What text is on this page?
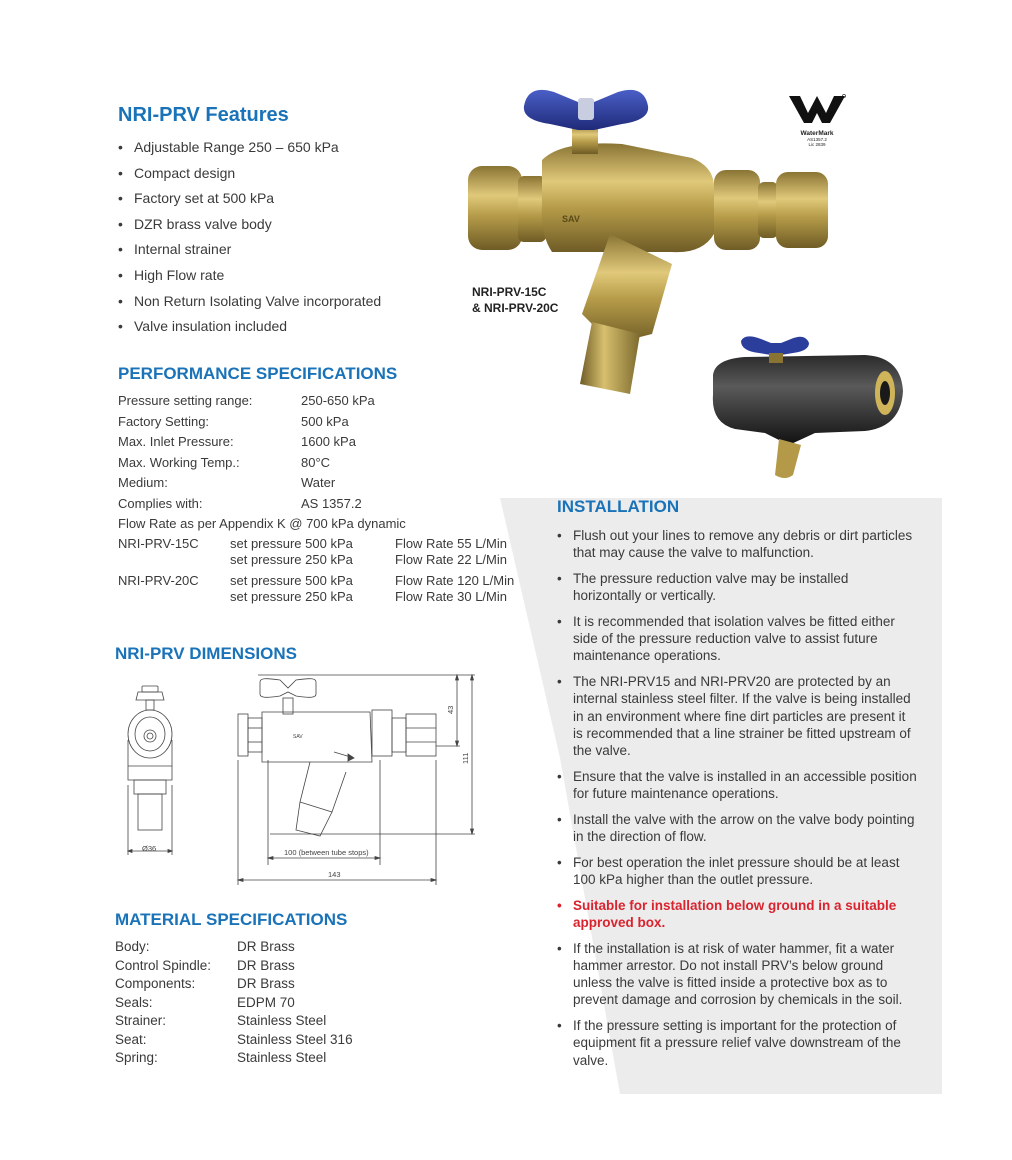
NRI-PRV Features
• Adjustable Range 250 – 650 kPa
• Compact design
• Factory set at 500 kPa
• DZR brass valve body
• Internal strainer
• High Flow rate
• Non Return Isolating Valve incorporated
• Valve insulation included
PERFORMANCE SPECIFICATIONS
Pressure setting range:	250-650 kPa
Factory Setting:	500 kPa
Max. Inlet Pressure:	1600 kPa
Max. Working Temp.:	80°C
Medium:	Water
Complies with:	AS 1357.2
Flow Rate as per Appendix K @ 700 kPa dynamic
NRI-PRV-15C set pressure 500 kPa	Flow Rate 55 L/Min
set pressure 250 kPa	Flow Rate 22 L/Min
NRI-PRV-20C set pressure 500 kPa	Flow Rate 120 L/Min
set pressure 250 kPa	Flow Rate 30 L/Min
NRI-PRV DIMENSIONS
Ø36	100 (between tube stops)
143
43
111
SAV
MATERIAL SPECIFICATIONS
Body:	DR Brass
Control Spindle: DR Brass
Components:	DR Brass
Seals:	EDPM 70
Strainer:	Stainless Steel
Seat:	Stainless Steel 316
Spring:	Stainless Steel
INSTALLATION
• Flush out your lines to remove any debris or dirt particles that may cause the valve to malfunction.
• The pressure reduction valve may be installed horizontally or vertically.
• It is recommended that isolation valves be fitted either side of the pressure reduction valve to assist future maintenance operations.
• The NRI-PRV15 and NRI-PRV20 are protected by an internal stainless steel filter. If the valve is being installed in an environment where fine dirt particles are present it is recommended that a line strainer be fitted upstream of the valve.
• Ensure that the valve is installed in an accessible position for future maintenance operations.
• Install the valve with the arrow on the valve body pointing in the direction of flow.
• For best operation the inlet pressure should be at least 100 kPa higher than the outlet pressure.
• Suitable for installation below ground in a suitable approved box.
• If the installation is at risk of water hammer, fit a water hammer arrestor. Do not install PRV’s below ground unless the valve is fitted inside a protective box as to prevent damage and corrosion by chemicals in the soil.
• If the pressure setting is important for the protection of equipment fit a pressure relief valve downstream of the valve.
SAV
NRI-PRV-15C
& NRI-PRV-20C
WaterMark
AS1357.2
Lic 2839
